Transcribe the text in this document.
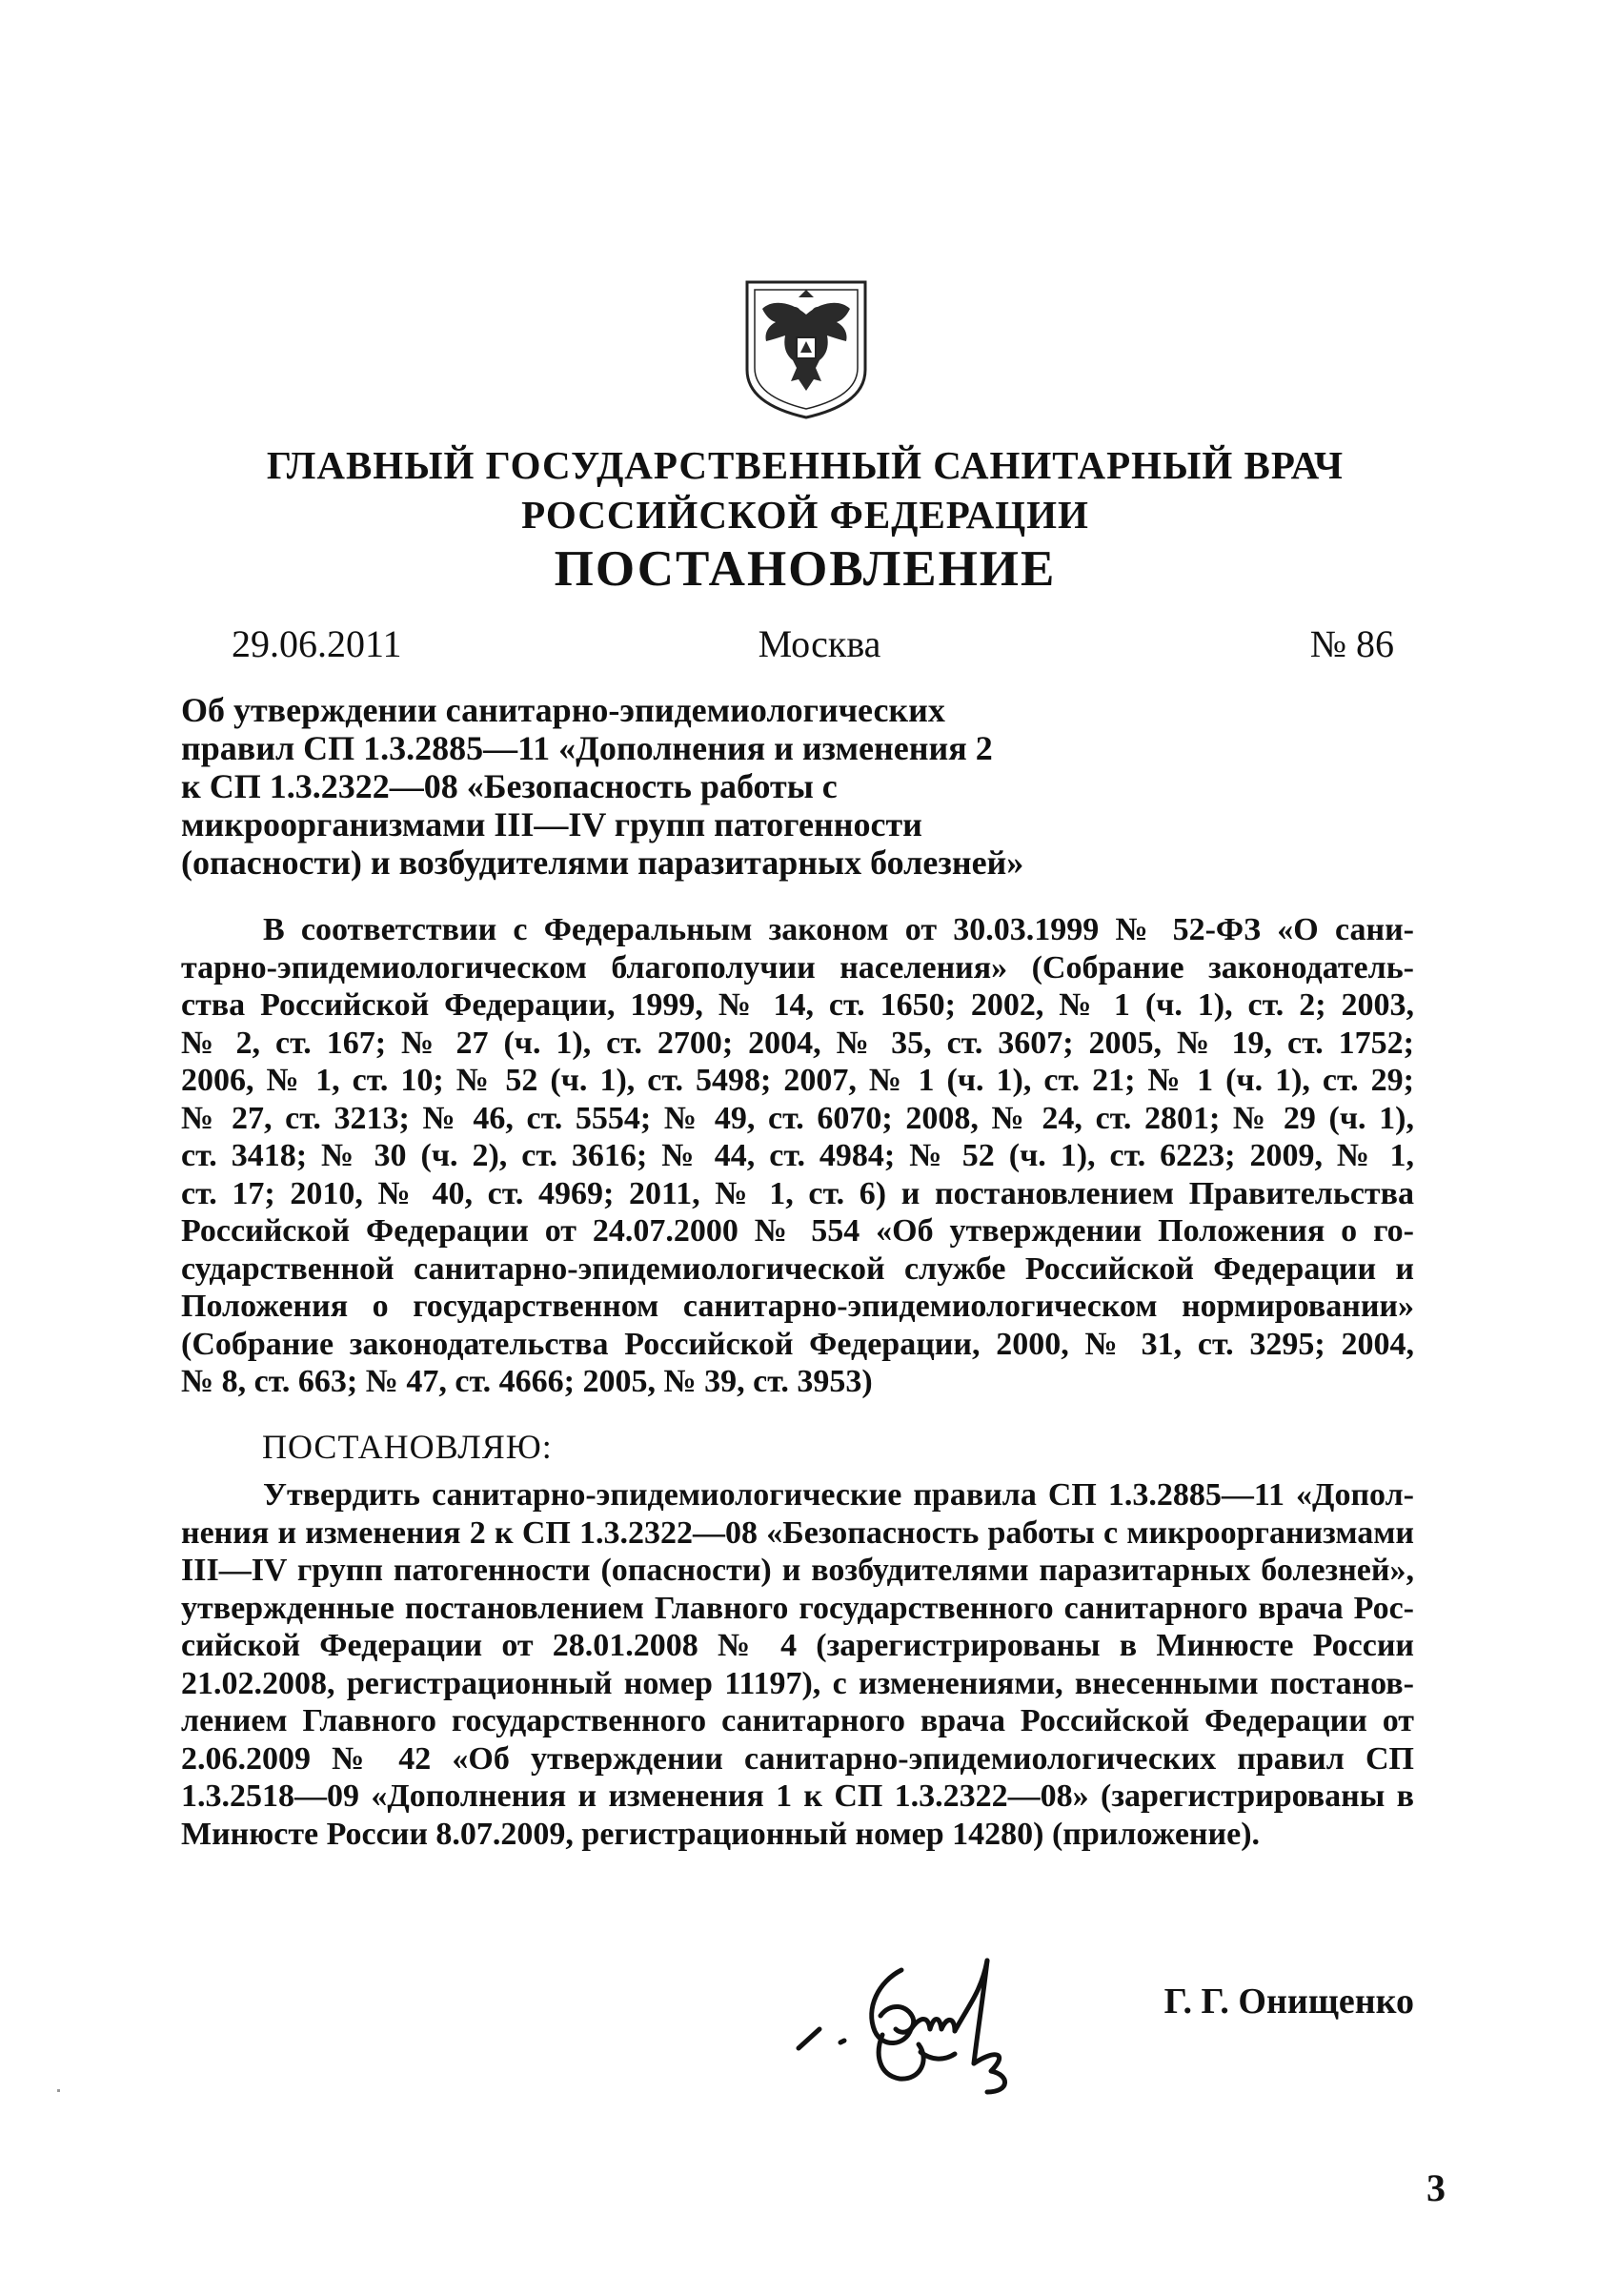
ГЛАВНЫЙ ГОСУДАРСТВЕННЫЙ САНИТАРНЫЙ ВРАЧ
РОССИЙСКОЙ ФЕДЕРАЦИИ
ПОСТАНОВЛЕНИЕ
29.06.2011	Москва	№ 86
Об утверждении санитарно-эпидемиологических
правил СП 1.3.2885—11 «Дополнения и изменения 2
к СП 1.3.2322—08 «Безопасность работы с
микроорганизмами III—IV групп патогенности
(опасности) и возбудителями паразитарных болезней»
В соответствии с Федеральным законом от 30.03.1999 № 52-ФЗ «О сани-
тарно-эпидемиологическом благополучии населения» (Собрание законодатель-
ства Российской Федерации, 1999, № 14, ст. 1650; 2002, № 1 (ч. 1), ст. 2; 2003,
№ 2, ст. 167; № 27 (ч. 1), ст. 2700; 2004, № 35, ст. 3607; 2005, № 19, ст. 1752;
2006, № 1, ст. 10; № 52 (ч. 1), ст. 5498; 2007, № 1 (ч. 1), ст. 21; № 1 (ч. 1), ст. 29;
№ 27, ст. 3213; № 46, ст. 5554; № 49, ст. 6070; 2008, № 24, ст. 2801; № 29 (ч. 1),
ст. 3418; № 30 (ч. 2), ст. 3616; № 44, ст. 4984; № 52 (ч. 1), ст. 6223; 2009, № 1,
ст. 17; 2010, № 40, ст. 4969; 2011, № 1, ст. 6) и постановлением Правительства
Российской Федерации от 24.07.2000 № 554 «Об утверждении Положения о го-
сударственной санитарно-эпидемиологической службе Российской Федерации и
Положения о государственном санитарно-эпидемиологическом нормировании»
(Собрание законодательства Российской Федерации, 2000, № 31, ст. 3295; 2004,
№ 8, ст. 663; № 47, ст. 4666; 2005, № 39, ст. 3953)
ПОСТАНОВЛЯЮ:
Утвердить санитарно-эпидемиологические правила СП 1.3.2885—11 «Допол-
нения и изменения 2 к СП 1.3.2322—08 «Безопасность работы с микроорганизмами
III—IV групп патогенности (опасности) и возбудителями паразитарных болезней»,
утвержденные постановлением Главного государственного санитарного врача Рос-
сийской Федерации от 28.01.2008 № 4 (зарегистрированы в Минюсте России
21.02.2008, регистрационный номер 11197), с изменениями, внесенными постанов-
лением Главного государственного санитарного врача Российской Федерации от
2.06.2009 № 42 «Об утверждении санитарно-эпидемиологических правил СП
1.3.2518—09 «Дополнения и изменения 1 к СП 1.3.2322—08» (зарегистрированы в
Минюсте России 8.07.2009, регистрационный номер 14280) (приложение).
Г. Г. Онищенко
3
